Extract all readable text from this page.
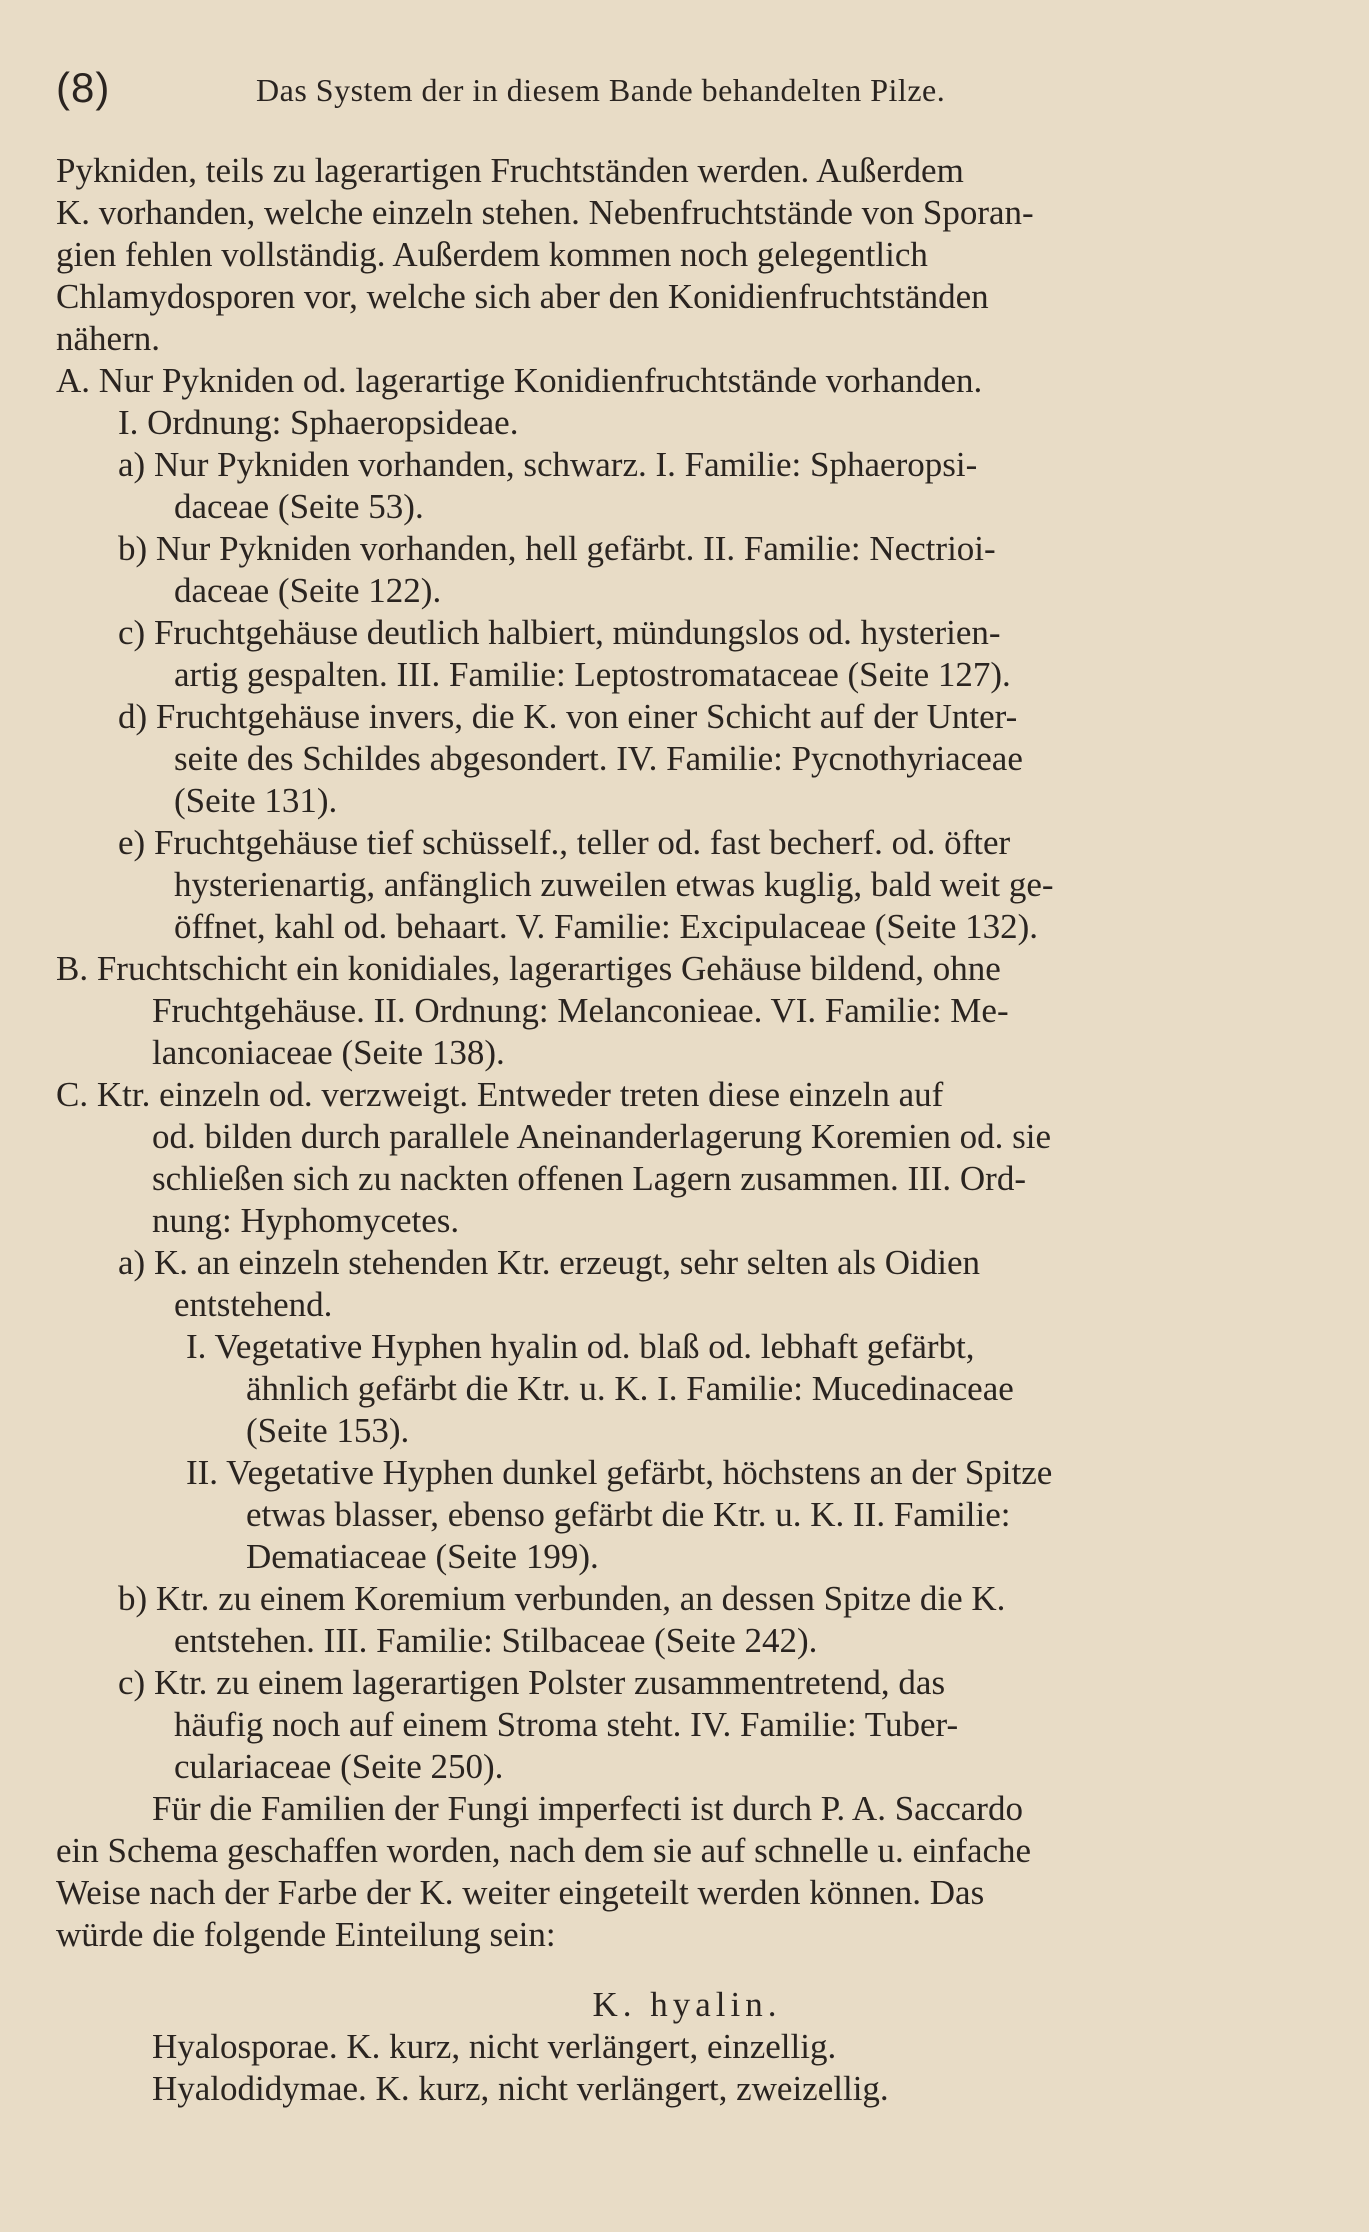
(8)	Das System der in diesem Bande behandelten Pilze.
Pykniden, teils zu lagerartigen Fruchtständen werden. Außerdem
K. vorhanden, welche einzeln stehen. Nebenfruchtstände von Sporan-
gien fehlen vollständig. Außerdem kommen noch gelegentlich
Chlamydosporen vor, welche sich aber den Konidienfruchtständen
nähern.
A. Nur Pykniden od. lagerartige Konidienfruchtstände vorhanden.
I. Ordnung: Sphaeropsideae.
a) Nur Pykniden vorhanden, schwarz. I. Familie: Sphaeropsi-
daceae (Seite 53).
b) Nur Pykniden vorhanden, hell gefärbt. II. Familie: Nectrioi-
daceae (Seite 122).
c) Fruchtgehäuse deutlich halbiert, mündungslos od. hysterien-
artig gespalten. III. Familie: Leptostromataceae (Seite 127).
d) Fruchtgehäuse invers, die K. von einer Schicht auf der Unter-
seite des Schildes abgesondert. IV. Familie: Pycnothyriaceae
(Seite 131).
e) Fruchtgehäuse tief schüsself., teller od. fast becherf. od. öfter
hysterienartig, anfänglich zuweilen etwas kuglig, bald weit ge-
öffnet, kahl od. behaart. V. Familie: Excipulaceae (Seite 132).
B. Fruchtschicht ein konidiales, lagerartiges Gehäuse bildend, ohne
Fruchtgehäuse. II. Ordnung: Melanconieae. VI. Familie: Me-
lanconiaceae (Seite 138).
C. Ktr. einzeln od. verzweigt. Entweder treten diese einzeln auf
od. bilden durch parallele Aneinanderlagerung Koremien od. sie
schließen sich zu nackten offenen Lagern zusammen. III. Ord-
nung: Hyphomycetes.
a) K. an einzeln stehenden Ktr. erzeugt, sehr selten als Oidien
entstehend.
I. Vegetative Hyphen hyalin od. blaß od. lebhaft gefärbt,
ähnlich gefärbt die Ktr. u. K. I. Familie: Mucedinaceae
(Seite 153).
II. Vegetative Hyphen dunkel gefärbt, höchstens an der Spitze
etwas blasser, ebenso gefärbt die Ktr. u. K. II. Familie:
Dematiaceae (Seite 199).
b) Ktr. zu einem Koremium verbunden, an dessen Spitze die K.
entstehen. III. Familie: Stilbaceae (Seite 242).
c) Ktr. zu einem lagerartigen Polster zusammentretend, das
häufig noch auf einem Stroma steht. IV. Familie: Tuber-
culariaceae (Seite 250).
Für die Familien der Fungi imperfecti ist durch P. A. Saccardo
ein Schema geschaffen worden, nach dem sie auf schnelle u. einfache
Weise nach der Farbe der K. weiter eingeteilt werden können. Das
würde die folgende Einteilung sein:
K. hyalin.
Hyalosporae. K. kurz, nicht verlängert, einzellig.
Hyalodidymae. K. kurz, nicht verlängert, zweizellig.
